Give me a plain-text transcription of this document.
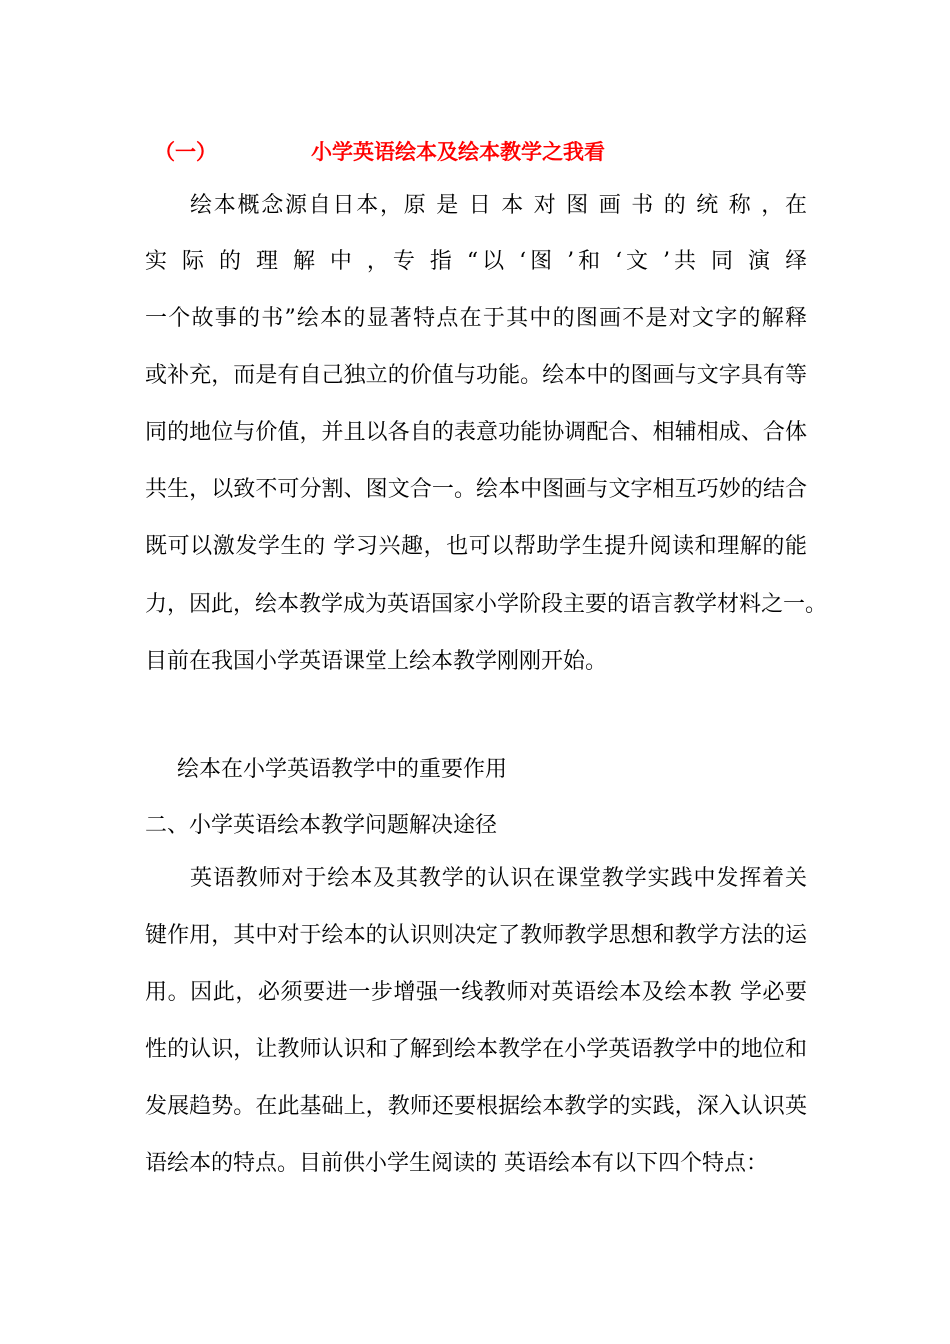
（一）	小学英语绘本及绘本教学之我看
绘本概念源自日本，原 是 日 本 对 图 画 书 的 统 称 ，在
实 际 的 理 解 中 ，专 指 “以 ‘图 ’和 ‘文 ’共 同 演 绎
一个故事的书”绘本的显著特点在于其中的图画不是对文字的解释
或补充，而是有自己独立的价值与功能。绘本中的图画与文字具有等
同的地位与价值，并且以各自的表意功能协调配合、相辅相成、合体
共生，以致不可分割、图文合一。绘本中图画与文字相互巧妙的结合
既可以激发学生的 学习兴趣，也可以帮助学生提升阅读和理解的能
力，因此，绘本教学成为英语国家小学阶段主要的语言教学材料之一。
目前在我国小学英语课堂上绘本教学刚刚开始。
绘本在小学英语教学中的重要作用
二、小学英语绘本教学问题解决途径
英语教师对于绘本及其教学的认识在课堂教学实践中发挥着关
键作用，其中对于绘本的认识则决定了教师教学思想和教学方法的运
用。因此，必须要进一步增强一线教师对英语绘本及绘本教 学必要
性的认识，让教师认识和了解到绘本教学在小学英语教学中的地位和
发展趋势。在此基础上，教师还要根据绘本教学的实践，深入认识英
语绘本的特点。目前供小学生阅读的 英语绘本有以下四个特点：
